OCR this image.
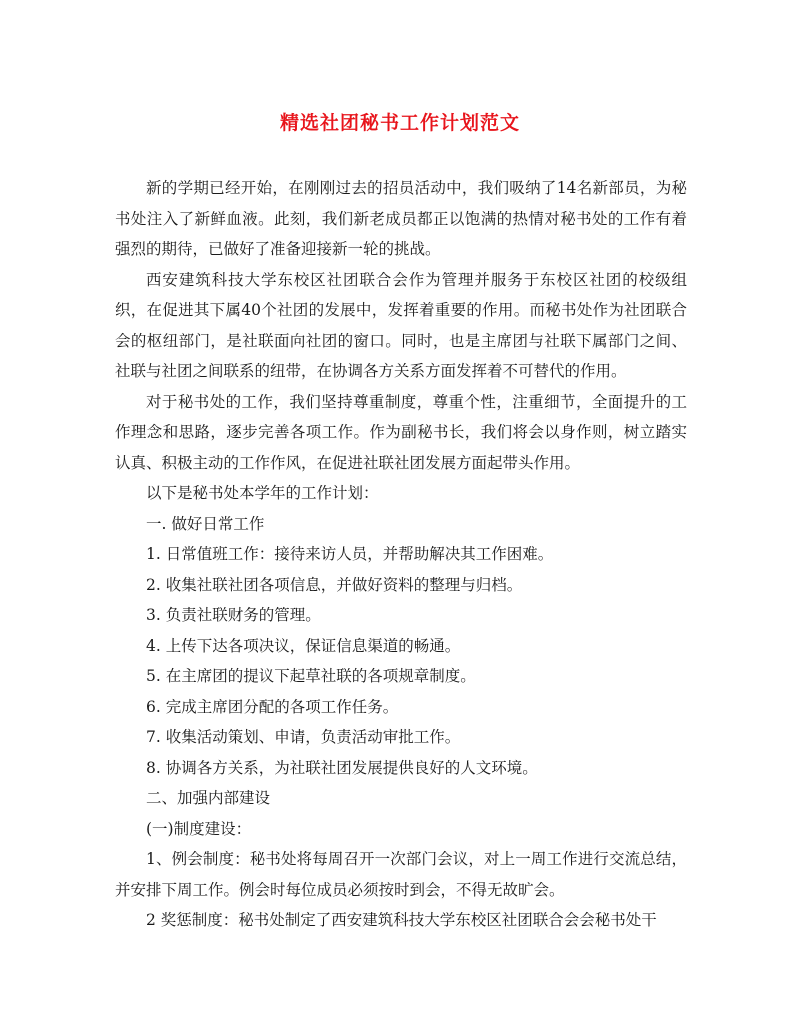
精选社团秘书工作计划范文

新的学期已经开始，在刚刚过去的招员活动中，我们吸纳了14名新部员，为秘书处注入了新鲜血液。此刻，我们新老成员都正以饱满的热情对秘书处的工作有着强烈的期待，已做好了准备迎接新一轮的挑战。

西安建筑科技大学东校区社团联合会作为管理并服务于东校区社团的校级组织，在促进其下属40个社团的发展中，发挥着重要的作用。而秘书处作为社团联合会的枢纽部门，是社联面向社团的窗口。同时，也是主席团与社联下属部门之间、社联与社团之间联系的纽带，在协调各方关系方面发挥着不可替代的作用。

对于秘书处的工作，我们坚持尊重制度，尊重个性，注重细节，全面提升的工作理念和思路，逐步完善各项工作。作为副秘书长，我们将会以身作则，树立踏实认真、积极主动的工作作风，在促进社联社团发展方面起带头作用。

以下是秘书处本学年的工作计划：

一. 做好日常工作

1. 日常值班工作：接待来访人员，并帮助解决其工作困难。

2. 收集社联社团各项信息，并做好资料的整理与归档。

3. 负责社联财务的管理。

4. 上传下达各项决议，保证信息渠道的畅通。

5. 在主席团的提议下起草社联的各项规章制度。

6. 完成主席团分配的各项工作任务。

7. 收集活动策划、申请，负责活动审批工作。

8. 协调各方关系，为社联社团发展提供良好的人文环境。

二、加强内部建设

(一)制度建设：

1、例会制度：秘书处将每周召开一次部门会议，对上一周工作进行交流总结，并安排下周工作。例会时每位成员必须按时到会，不得无故旷会。

2 奖惩制度：秘书处制定了西安建筑科技大学东校区社团联合会会秘书处干
